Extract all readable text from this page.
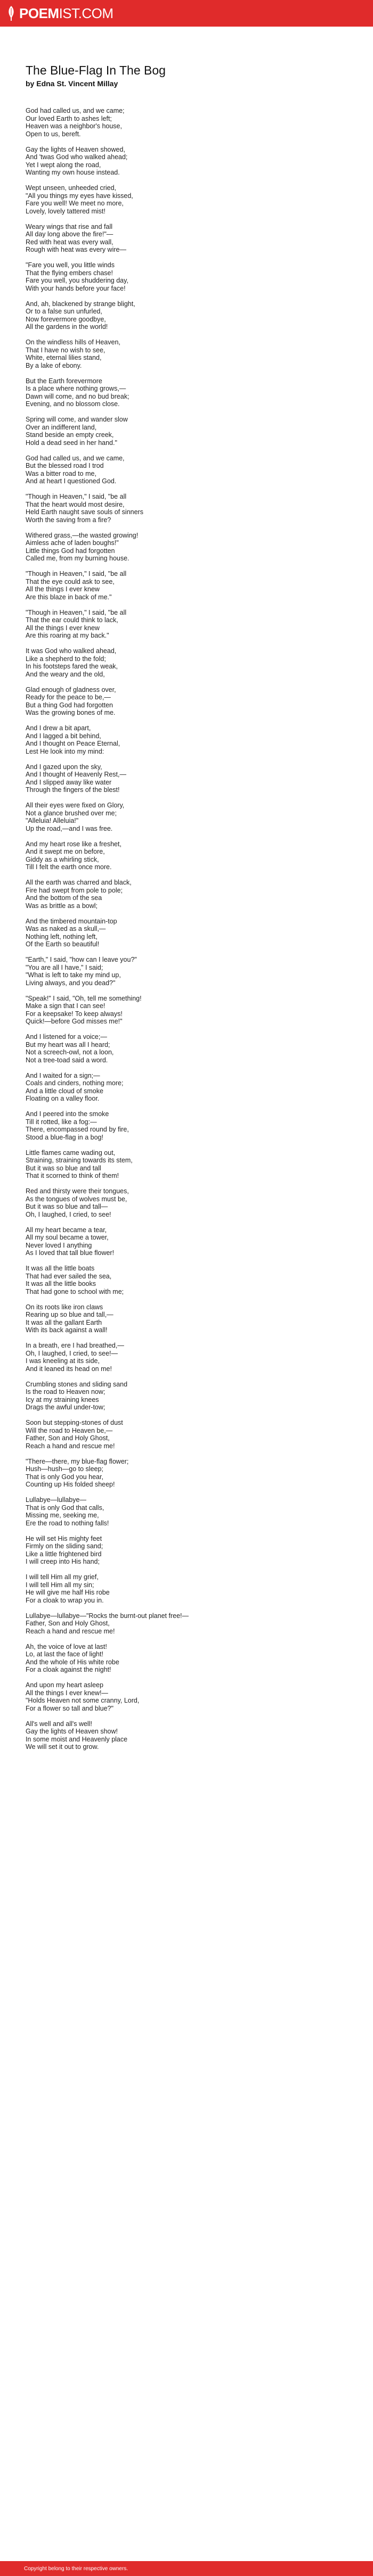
POEMIST.COM
The Blue-Flag In The Bog
by Edna St. Vincent Millay

God had called us, and we came;
Our loved Earth to ashes left;
Heaven was a neighbor's house,
Open to us, bereft.

Gay the lights of Heaven showed,
And 'twas God who walked ahead;
Yet I wept along the road,
Wanting my own house instead.

Wept unseen, unheeded cried,
"All you things my eyes have kissed,
Fare you well! We meet no more,
Lovely, lovely tattered mist!

Weary wings that rise and fall
All day long above the fire!"—
Red with heat was every wall,
Rough with heat was every wire—

"Fare you well, you little winds
That the flying embers chase!
Fare you well, you shuddering day,
With your hands before your face!

And, ah, blackened by strange blight,
Or to a false sun unfurled,
Now forevermore goodbye,
All the gardens in the world!

On the windless hills of Heaven,
That I have no wish to see,
White, eternal lilies stand,
By a lake of ebony.

But the Earth forevermore
Is a place where nothing grows,—
Dawn will come, and no bud break;
Evening, and no blossom close.

Spring will come, and wander slow
Over an indifferent land,
Stand beside an empty creek,
Hold a dead seed in her hand."

God had called us, and we came,
But the blessed road I trod
Was a bitter road to me,
And at heart I questioned God.

"Though in Heaven," I said, "be all
That the heart would most desire,
Held Earth naught save souls of sinners
Worth the saving from a fire?

Withered grass,—the wasted growing!
Aimless ache of laden boughs!"
Little things God had forgotten
Called me, from my burning house.

"Though in Heaven," I said, "be all
That the eye could ask to see,
All the things I ever knew
Are this blaze in back of me."

"Though in Heaven," I said, "be all
That the ear could think to lack,
All the things I ever knew
Are this roaring at my back."

It was God who walked ahead,
Like a shepherd to the fold;
In his footsteps fared the weak,
And the weary and the old,

Glad enough of gladness over,
Ready for the peace to be,—
But a thing God had forgotten
Was the growing bones of me.

And I drew a bit apart,
And I lagged a bit behind,
And I thought on Peace Eternal,
Lest He look into my mind:

And I gazed upon the sky,
And I thought of Heavenly Rest,—
And I slipped away like water
Through the fingers of the blest!

All their eyes were fixed on Glory,
Not a glance brushed over me;
"Alleluia! Alleluia!"
Up the road,—and I was free.

And my heart rose like a freshet,
And it swept me on before,
Giddy as a whirling stick,
Till I felt the earth once more.

All the earth was charred and black,
Fire had swept from pole to pole;
And the bottom of the sea
Was as brittle as a bowl;

And the timbered mountain-top
Was as naked as a skull,—
Nothing left, nothing left,
Of the Earth so beautiful!

"Earth," I said, "how can I leave you?"
"You are all I have," I said;
"What is left to take my mind up,
Living always, and you dead?"

"Speak!" I said, "Oh, tell me something!
Make a sign that I can see!
For a keepsake! To keep always!
Quick!—before God misses me!"

And I listened for a voice;—
But my heart was all I heard;
Not a screech-owl, not a loon,
Not a tree-toad said a word.

And I waited for a sign;—
Coals and cinders, nothing more;
And a little cloud of smoke
Floating on a valley floor.

And I peered into the smoke
Till it rotted, like a fog:—
There, encompassed round by fire,
Stood a blue-flag in a bog!

Little flames came wading out,
Straining, straining towards its stem,
But it was so blue and tall
That it scorned to think of them!

Red and thirsty were their tongues,
As the tongues of wolves must be,
But it was so blue and tall—
Oh, I laughed, I cried, to see!

All my heart became a tear,
All my soul became a tower,
Never loved I anything
As I loved that tall blue flower!

It was all the little boats
That had ever sailed the sea,
It was all the little books
That had gone to school with me;

On its roots like iron claws
Rearing up so blue and tall,—
It was all the gallant Earth
With its back against a wall!

In a breath, ere I had breathed,—
Oh, I laughed, I cried, to see!—
I was kneeling at its side,
And it leaned its head on me!

Crumbling stones and sliding sand
Is the road to Heaven now;
Icy at my straining knees
Drags the awful under-tow;

Soon but stepping-stones of dust
Will the road to Heaven be,—
Father, Son and Holy Ghost,
Reach a hand and rescue me!

"There—there, my blue-flag flower;
Hush—hush—go to sleep;
That is only God you hear,
Counting up His folded sheep!

Lullabye—lullabye—
That is only God that calls,
Missing me, seeking me,
Ere the road to nothing falls!

He will set His mighty feet
Firmly on the sliding sand;
Like a little frightened bird
I will creep into His hand;

I will tell Him all my grief,
I will tell Him all my sin;
He will give me half His robe
For a cloak to wrap you in.

Lullabye—lullabye—"Rocks the burnt-out planet free!—
Father, Son and Holy Ghost,
Reach a hand and rescue me!

Ah, the voice of love at last!
Lo, at last the face of light!
And the whole of His white robe
For a cloak against the night!

And upon my heart asleep
All the things I ever knew!—
"Holds Heaven not some cranny, Lord,
For a flower so tall and blue?"

All's well and all's well!
Gay the lights of Heaven show!
In some moist and Heavenly place
We will set it out to grow.

Copyright belong to their respective owners.
